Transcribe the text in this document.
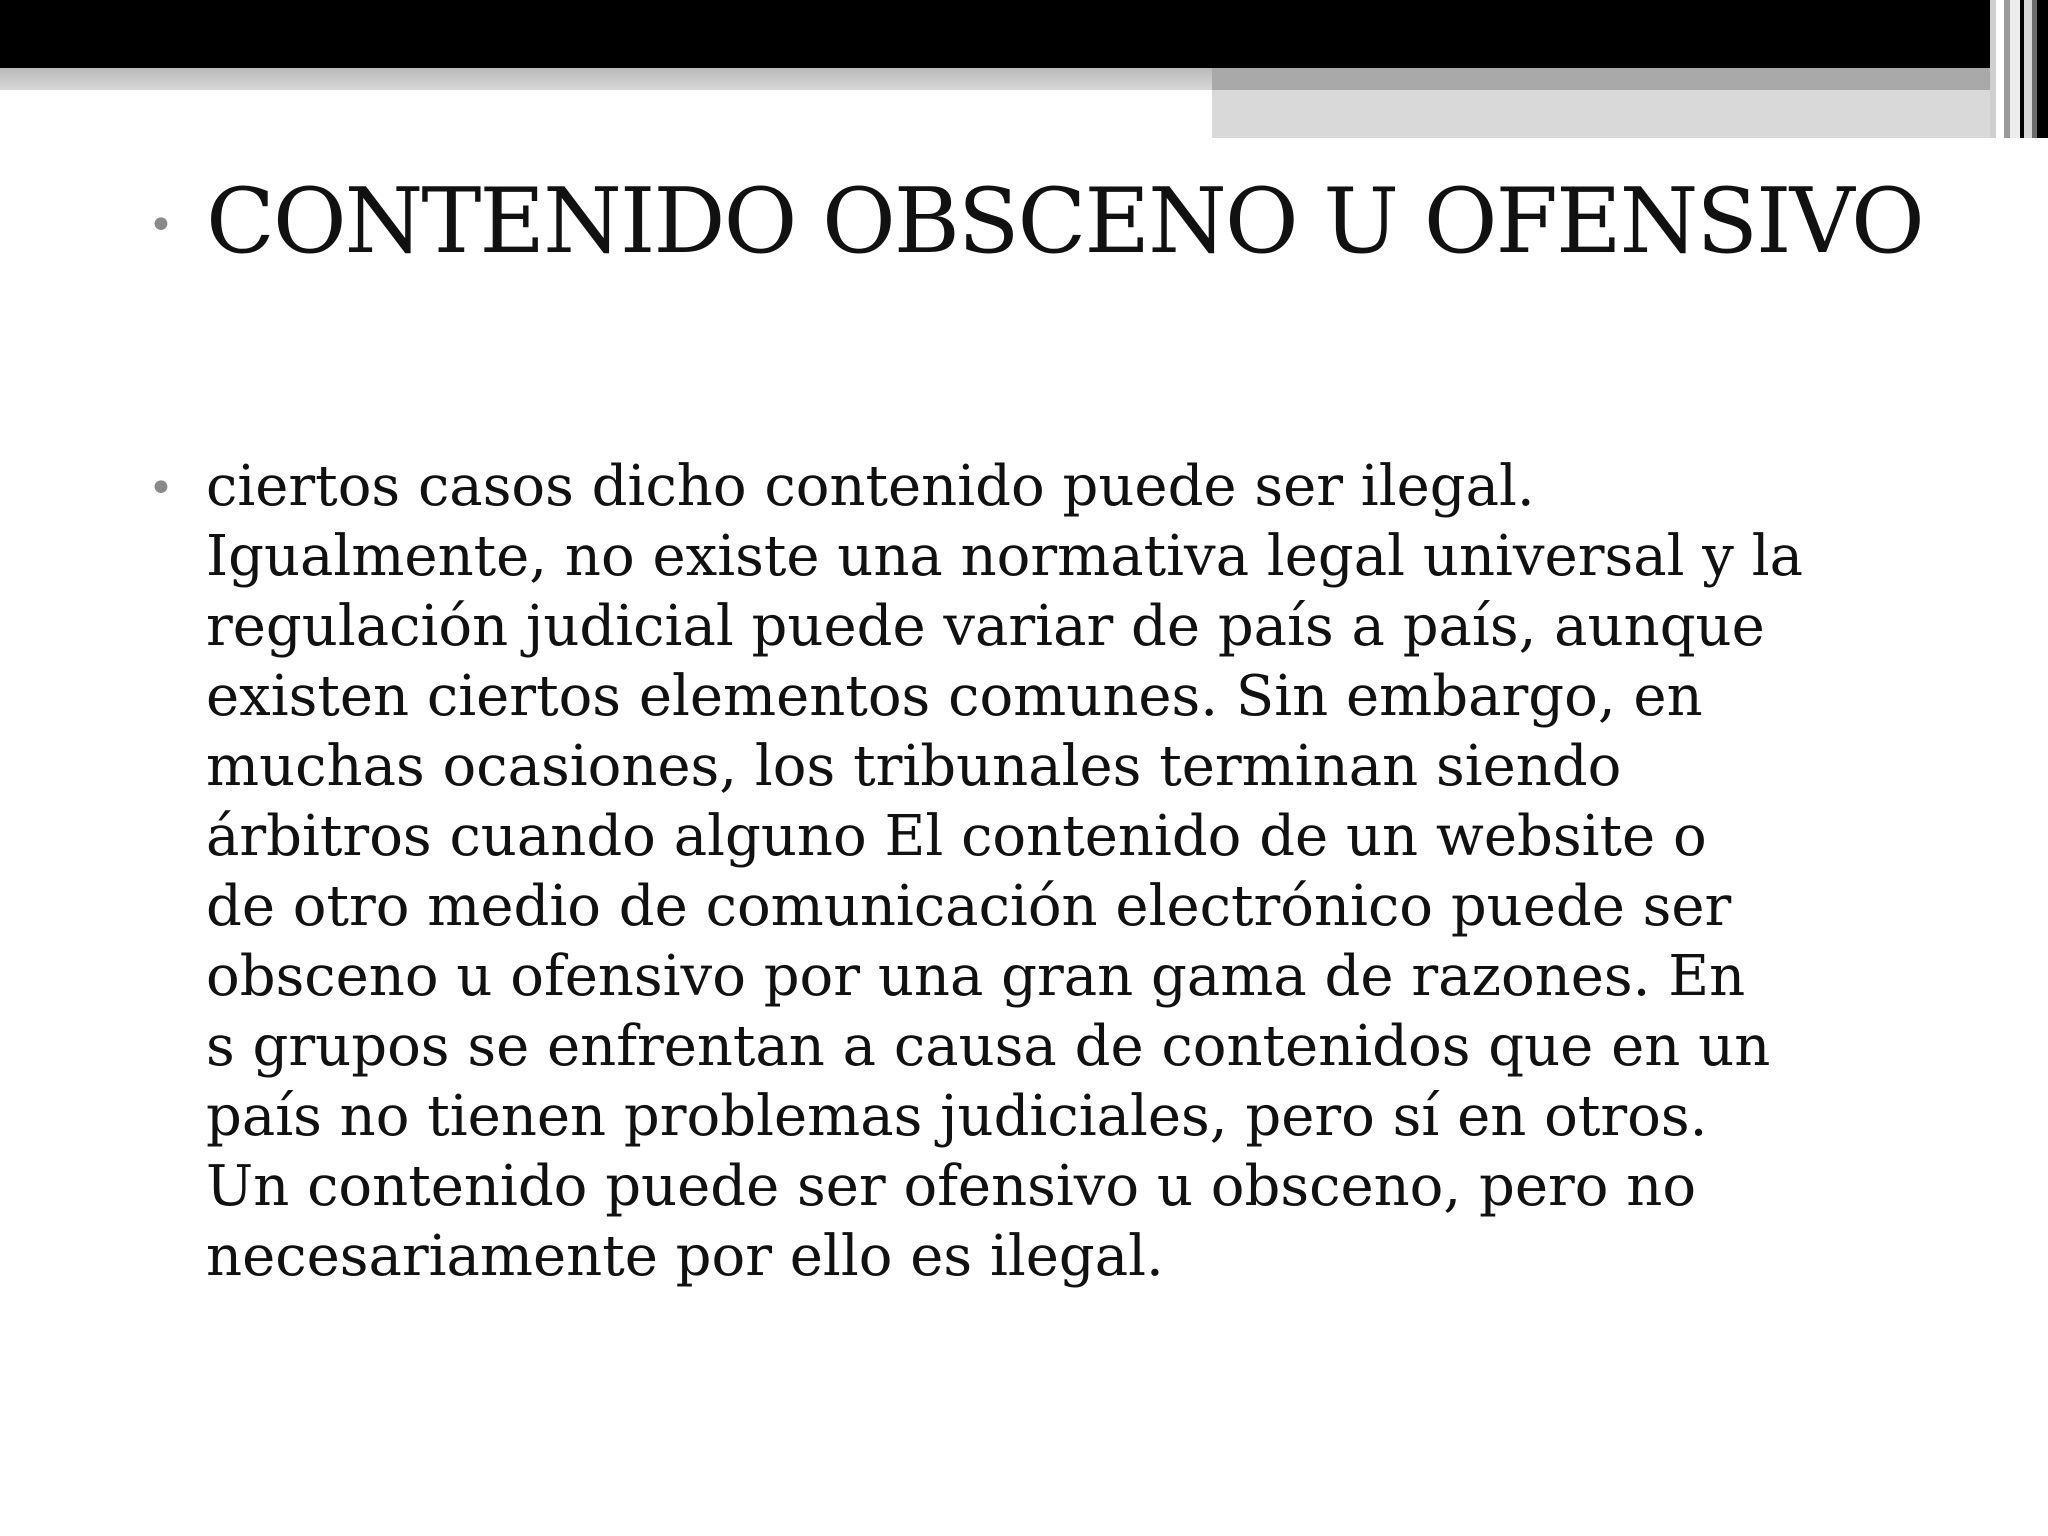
• CONTENIDO OBSCENO U OFENSIVO
• ciertos casos dicho contenido puede ser ilegal.
Igualmente, no existe una normativa legal universal y la
regulación judicial puede variar de país a país, aunque
existen ciertos elementos comunes. Sin embargo, en
muchas ocasiones, los tribunales terminan siendo
árbitros cuando alguno El contenido de un website o
de otro medio de comunicación electrónico puede ser
obsceno u ofensivo por una gran gama de razones. En
s grupos se enfrentan a causa de contenidos que en un
país no tienen problemas judiciales, pero sí en otros.
Un contenido puede ser ofensivo u obsceno, pero no
necesariamente por ello es ilegal.
